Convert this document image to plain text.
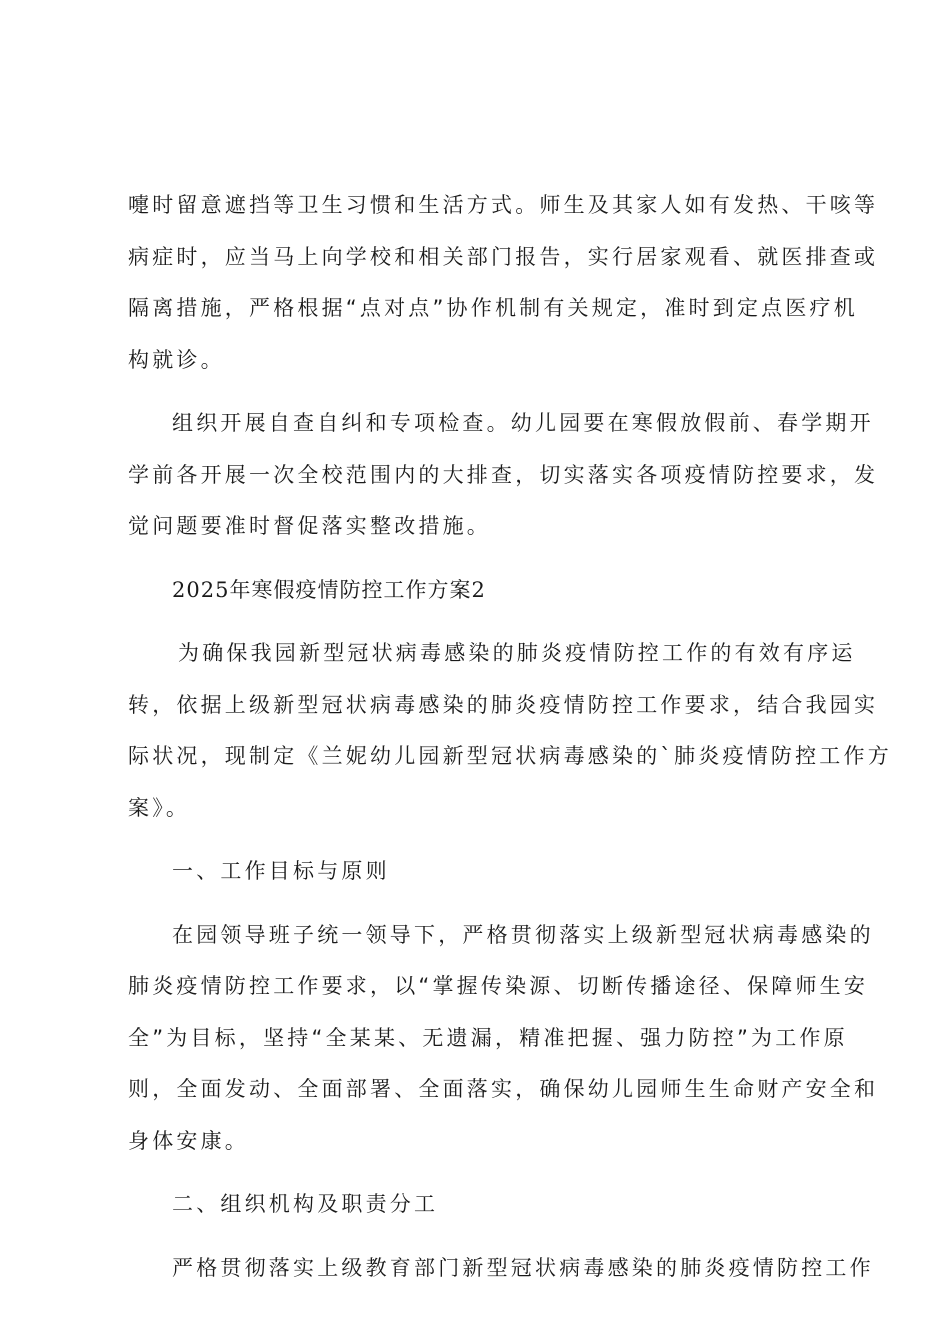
嚏时留意遮挡等卫生习惯和生活方式。师生及其家人如有发热、干咳等
病症时，应当马上向学校和相关部门报告，实行居家观看、就医排查或
隔离措施，严格根据“点对点”协作机制有关规定，准时到定点医疗机
构就诊。
组织开展自查自纠和专项检查。幼儿园要在寒假放假前、春学期开
学前各开展一次全校范围内的大排查，切实落实各项疫情防控要求，发
觉问题要准时督促落实整改措施。
2025年寒假疫情防控工作方案2
为确保我园新型冠状病毒感染的肺炎疫情防控工作的有效有序运
转，依据上级新型冠状病毒感染的肺炎疫情防控工作要求，结合我园实
际状况，现制定《兰妮幼儿园新型冠状病毒感染的`肺炎疫情防控工作方
案》。
一、工作目标与原则
在园领导班子统一领导下，严格贯彻落实上级新型冠状病毒感染的
肺炎疫情防控工作要求，以“掌握传染源、切断传播途径、保障师生安
全”为目标，坚持“全某某、无遗漏，精准把握、强力防控”为工作原
则，全面发动、全面部署、全面落实，确保幼儿园师生生命财产安全和
身体安康。
二、组织机构及职责分工
严格贯彻落实上级教育部门新型冠状病毒感染的肺炎疫情防控工作
